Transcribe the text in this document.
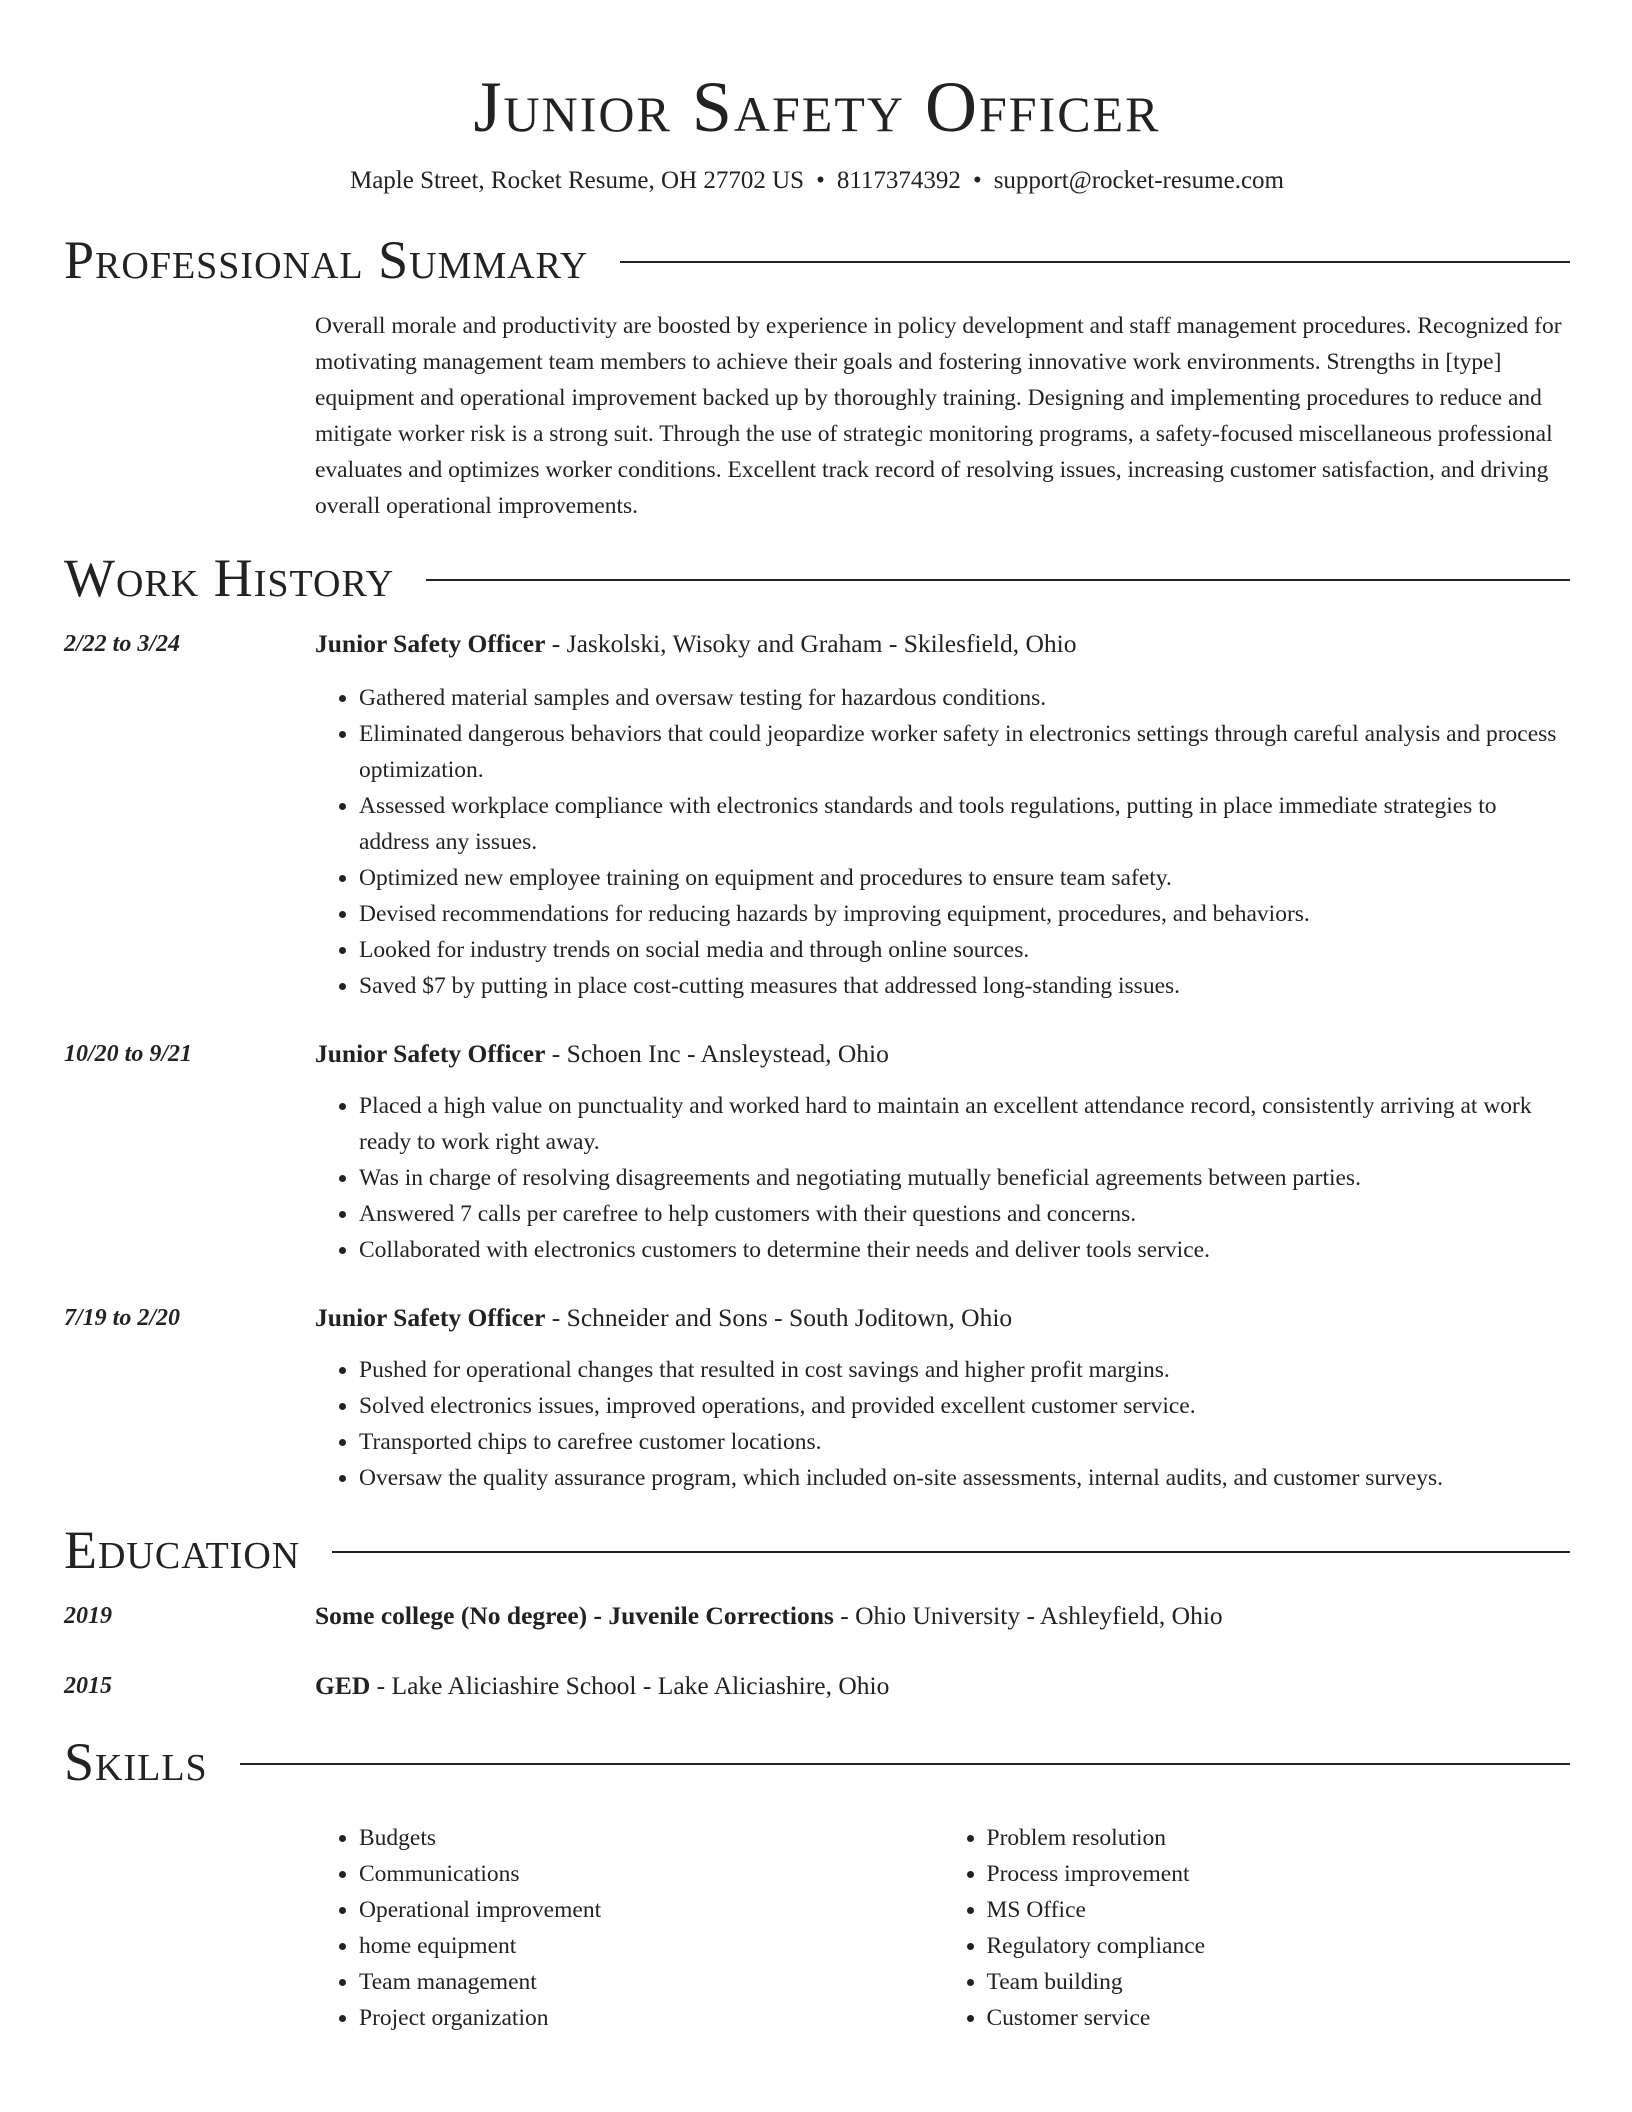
Junior Safety Officer
Maple Street, Rocket Resume, OH 27702 US • 8117374392 • support@rocket-resume.com
Professional Summary

Overall morale and productivity are boosted by experience in policy development and staff management procedures. Recognized for motivating management team members to achieve their goals and fostering innovative work environments. Strengths in [type] equipment and operational improvement backed up by thoroughly training. Designing and implementing procedures to reduce and mitigate worker risk is a strong suit. Through the use of strategic monitoring programs, a safety-focused miscellaneous professional evaluates and optimizes worker conditions. Excellent track record of resolving issues, increasing customer satisfaction, and driving overall operational improvements.

Work History
2/22 to 3/24	Junior Safety Officer - Jaskolski, Wisoky and Graham - Skilesfield, Ohio
• Gathered material samples and oversaw testing for hazardous conditions.
• Eliminated dangerous behaviors that could jeopardize worker safety in electronics settings through careful analysis and process optimization.
• Assessed workplace compliance with electronics standards and tools regulations, putting in place immediate strategies to address any issues.
• Optimized new employee training on equipment and procedures to ensure team safety.
• Devised recommendations for reducing hazards by improving equipment, procedures, and behaviors.
• Looked for industry trends on social media and through online sources.
• Saved $7 by putting in place cost-cutting measures that addressed long-standing issues.
10/20 to 9/21	Junior Safety Officer - Schoen Inc - Ansleystead, Ohio
• Placed a high value on punctuality and worked hard to maintain an excellent attendance record, consistently arriving at work ready to work right away.
• Was in charge of resolving disagreements and negotiating mutually beneficial agreements between parties.
• Answered 7 calls per carefree to help customers with their questions and concerns.
• Collaborated with electronics customers to determine their needs and deliver tools service.
7/19 to 2/20	Junior Safety Officer - Schneider and Sons - South Joditown, Ohio
• Pushed for operational changes that resulted in cost savings and higher profit margins.
• Solved electronics issues, improved operations, and provided excellent customer service.
• Transported chips to carefree customer locations.
• Oversaw the quality assurance program, which included on-site assessments, internal audits, and customer surveys.
Education
2019	Some college (No degree) - Juvenile Corrections - Ohio University - Ashleyfield, Ohio
2015	GED - Lake Aliciashire School - Lake Aliciashire, Ohio
Skills
• Budgets
• Communications
• Operational improvement
• home equipment
• Team management
• Project organization
• Problem resolution
• Process improvement
• MS Office
• Regulatory compliance
• Team building
• Customer service
